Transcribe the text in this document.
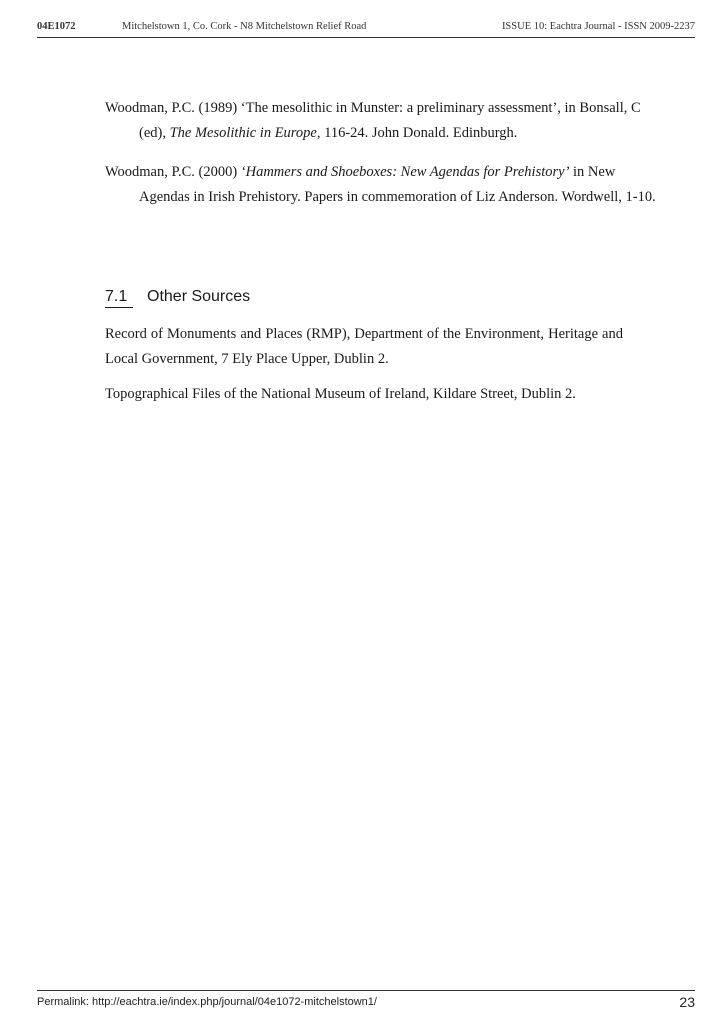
04E1072	Mitchelstown 1, Co. Cork - N8 Mitchelstown Relief Road	ISSUE 10: Eachtra Journal - ISSN 2009-2237
Woodman, P.C. (1989) ‘The mesolithic in Munster: a preliminary assessment’, in Bonsall, C (ed), The Mesolithic in Europe, 116-24. John Donald. Edinburgh.
Woodman, P.C. (2000) ‘Hammers and Shoeboxes: New Agendas for Prehistory’ in New Agendas in Irish Prehistory. Papers in commemoration of Liz Anderson. Wordwell, 1-10.
7.1 Other Sources
Record of Monuments and Places (RMP), Department of the Environment, Heritage and Local Government, 7 Ely Place Upper, Dublin 2.
Topographical Files of the National Museum of Ireland, Kildare Street, Dublin 2.
Permalink: http://eachtra.ie/index.php/journal/04e1072-mitchelstown1/	23
